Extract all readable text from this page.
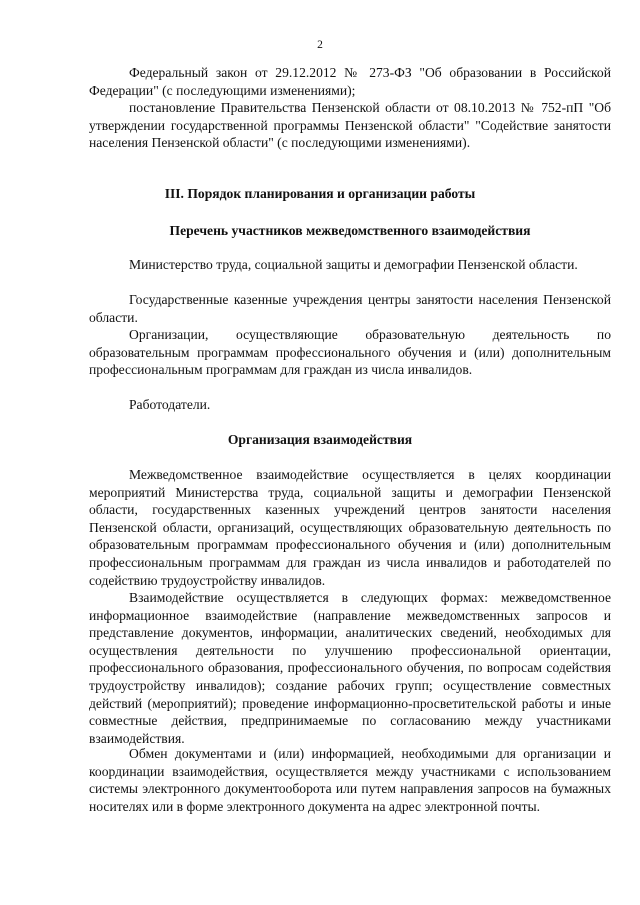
2

Федеральный закон от 29.12.2012 № 273-ФЗ "Об образовании в Российской Федерации" (с последующими изменениями);

постановление Правительства Пензенской области от 08.10.2013 № 752-пП "Об утверждении государственной программы Пензенской области" "Содействие занятости населения Пензенской области" (с последующими изменениями).

III. Порядок планирования и организации работы

Перечень участников межведомственного взаимодействия

Министерство труда, социальной защиты и демографии Пензенской области.

Государственные казенные учреждения центры занятости населения Пензенской области.

Организации, осуществляющие образовательную деятельность по образовательным программам профессионального обучения и (или) дополнительным профессиональным программам для граждан из числа инвалидов.

Работодатели.

Организация взаимодействия

Межведомственное взаимодействие осуществляется в целях координации мероприятий Министерства труда, социальной защиты и демографии Пензенской области, государственных казенных учреждений центров занятости населения Пензенской области, организаций, осуществляющих образовательную деятельность по образовательным программам профессионального обучения и (или) дополнительным профессиональным программам для граждан из числа инвалидов и работодателей по содействию трудоустройству инвалидов.

Взаимодействие осуществляется в следующих формах: межведомственное информационное взаимодействие (направление межведомственных запросов и представление документов, информации, аналитических сведений, необходимых для осуществления деятельности по улучшению профессиональной ориентации, профессионального образования, профессионального обучения, по вопросам содействия трудоустройству инвалидов); создание рабочих групп; осуществление совместных действий (мероприятий); проведение информационно-просветительской работы и иные совместные действия, предпринимаемые по согласованию между участниками взаимодействия.

Обмен документами и (или) информацией, необходимыми для организации и координации взаимодействия, осуществляется между участниками с использованием системы электронного документооборота или путем направления запросов на бумажных носителях или в форме электронного документа на адрес электронной почты.
